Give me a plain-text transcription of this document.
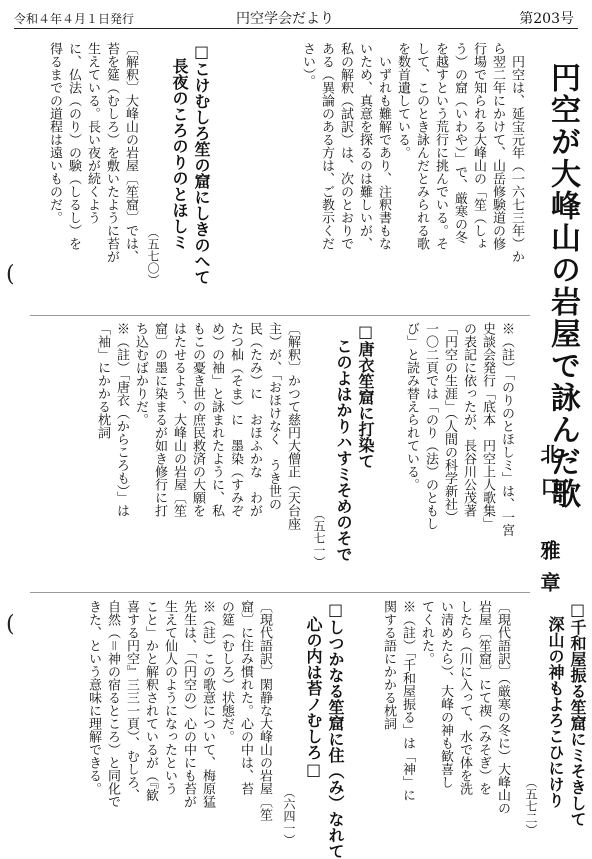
令和４年４月１日発行	円空学会だより	第203号
(
(
円空が大峰山の岩屋で詠んだ歌
北口　雅章
　円空は、延宝元年（一六七三年）か
ら翌二年にかけて、山岳修験道の修
行場で知られる大峰山の「笙（しょ
う）の窟（いわや）」で、厳寒の冬
を越すという荒行に挑んでいる。そ
して、このとき詠んだとみられる歌
を数首遺している。
　いずれも難解であり、注釈書もな
いため、真意を探るのは難しいが、
私の解釈（試訳）は、次のとおりで
ある（異論のある方は、ご教示くだ
さい）。
□こけむしろ笙の窟にしきのへて
　長夜のころのりのとほしミ
（五七〇）
〔解釈〕大峰山の岩屋〔笙窟〕では、
苔を筵（むしろ）を敷いたように苔が
生えている。長い夜が続くよう
に、仏法（のり）の験（しるし）を
得るまでの道程は遠いものだ。
※（註）「のりのとほしミ」は、一宮
史談会発行「底本　円空上人歌集」
の表記に依ったが、長谷川公茂著
「円空の生涯」（人間の科学新社）
一〇二頁では「のり（法）のともし
び」と読み替えられている。
□唐衣笙窟に打染て
　このよはかりハすミそめのそで
（五七一）
〔解釈〕かつて慈円大僧正（天台座
主）が、「おほけなく　うき世の
民（たみ）に　おほふかな　わが
たつ杣（そま）に　墨染（すみぞ
め）の袖」と詠まれたように、私
もこの憂き世の庶民救済の大願を
はたせるよう、大峰山の岩屋〔笙
窟〕の墨に染まるが如き修行に打
ち込むばかりだ。
※（註）「唐衣（からころも）」は
「袖」にかかる枕詞
□千和屋振る笙窟にミそきして
　深山の神もよろこひにけり
（五七二）
〔現代語訳〕（厳寒の冬に）大峰山の
岩屋〔笙窟〕にて禊（みそぎ）を
したら（川に入って、水で体を洗
い清めたら）、大峰の神も歓喜し
てくれた。
※（註）「千和屋振る」は「神」に
関する語にかかる枕詞
□しつかなる笙窟に住（み）なれて
　心の内は苔ノむしろ□
（六四一）
〔現代語訳〕閑静な大峰山の岩屋〔笙
窟〕に住み慣れた。心の中は、苔
の筵（むしろ）状態だ。
※（註）この歌意について、梅原猛
先生は、「（円空の）心の中にも苔が
生えて仙人のようになったという
こと」かと解釈されているが（『歓
喜する円空』三三一頁）、むしろ、
自然（＝神の宿るところ）と同化で
きた、という意味に理解できる。
